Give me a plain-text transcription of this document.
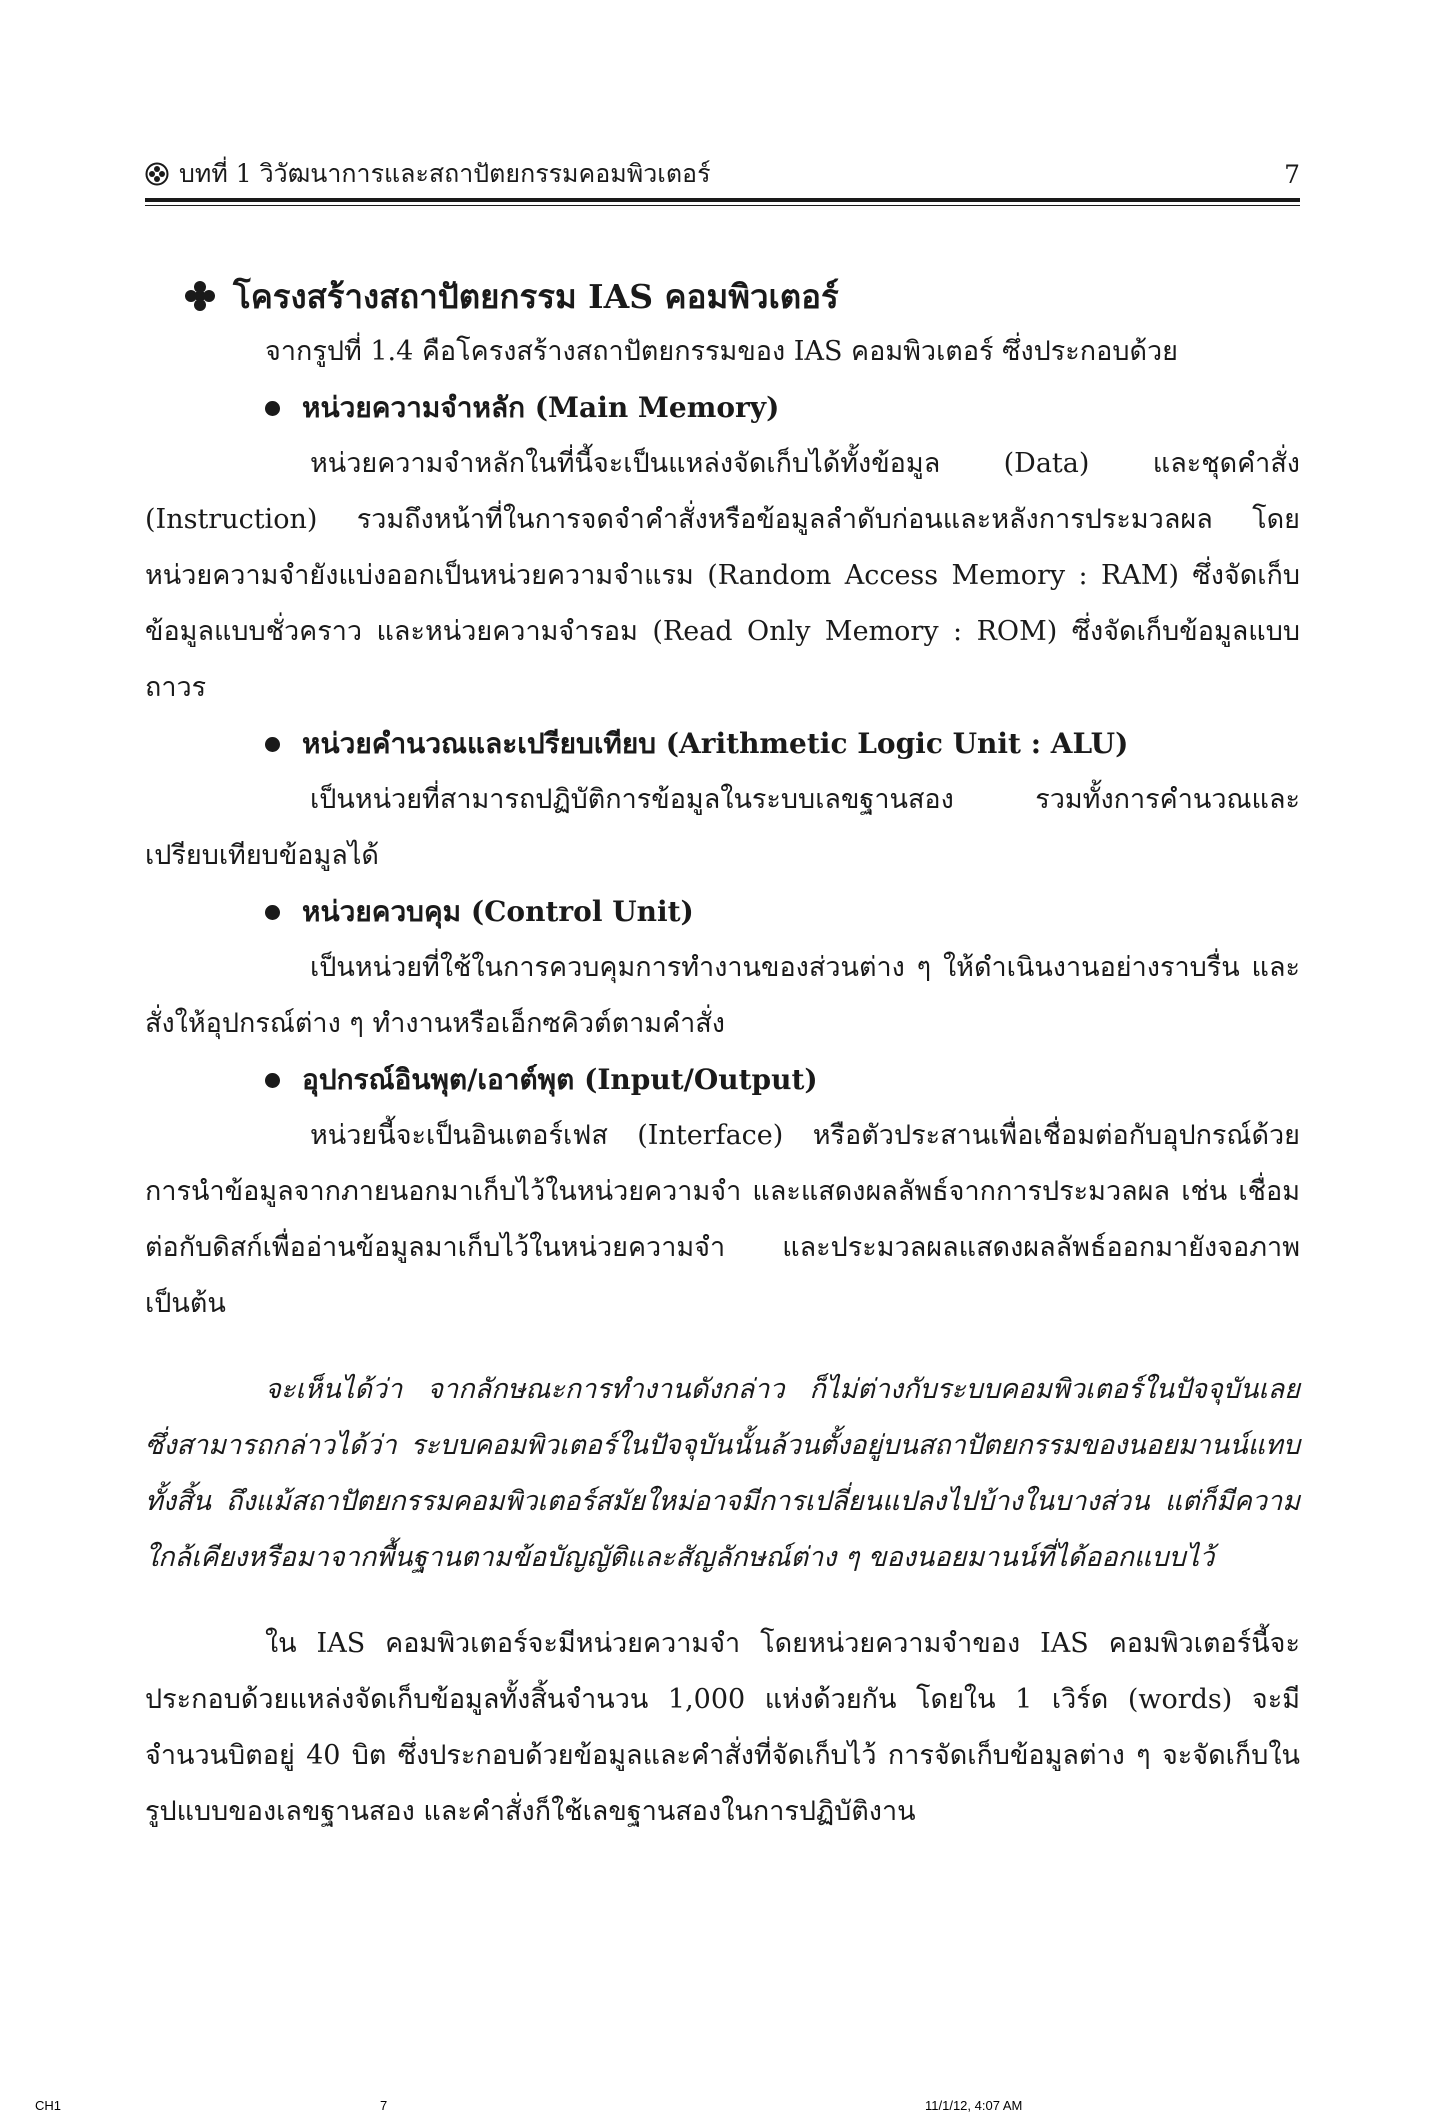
บทที่ 1 วิวัฒนาการและสถาปัตยกรรมคอมพิวเตอร์	7
โครงสร้างสถาปัตยกรรม IAS คอมพิวเตอร์

จากรูปที่ 1.4 คือโครงสร้างสถาปัตยกรรมของ IAS คอมพิวเตอร์ ซึ่งประกอบด้วย

หน่วยความจำหลัก (Main Memory)

หน่วยความจำหลักในที่นี้จะเป็นแหล่งจัดเก็บได้ทั้งข้อมูล (Data) และชุดคำสั่ง (Instruction) รวมถึงหน้าที่ในการจดจำคำสั่งหรือข้อมูลลำดับก่อนและหลังการประมวลผล โดยหน่วยความจำยังแบ่งออกเป็นหน่วยความจำแรม (Random Access Memory : RAM) ซึ่งจัดเก็บข้อมูลแบบชั่วคราว และหน่วยความจำรอม (Read Only Memory : ROM) ซึ่งจัดเก็บข้อมูลแบบถาวร

หน่วยคำนวณและเปรียบเทียบ (Arithmetic Logic Unit : ALU)

เป็นหน่วยที่สามารถปฏิบัติการข้อมูลในระบบเลขฐานสอง รวมทั้งการคำนวณและเปรียบเทียบข้อมูลได้

หน่วยควบคุม (Control Unit)

เป็นหน่วยที่ใช้ในการควบคุมการทำงานของส่วนต่าง ๆ ให้ดำเนินงานอย่างราบรื่น และสั่งให้อุปกรณ์ต่าง ๆ ทำงานหรือเอ็กซคิวต์ตามคำสั่ง

อุปกรณ์อินพุต/เอาต์พุต (Input/Output)

หน่วยนี้จะเป็นอินเตอร์เฟส (Interface) หรือตัวประสานเพื่อเชื่อมต่อกับอุปกรณ์ด้วยการนำข้อมูลจากภายนอกมาเก็บไว้ในหน่วยความจำ และแสดงผลลัพธ์จากการประมวลผล เช่น เชื่อมต่อกับดิสก์เพื่ออ่านข้อมูลมาเก็บไว้ในหน่วยความจำ และประมวลผลแสดงผลลัพธ์ออกมายังจอภาพ เป็นต้น

จะเห็นได้ว่า จากลักษณะการทำงานดังกล่าว ก็ไม่ต่างกับระบบคอมพิวเตอร์ในปัจจุบันเลย ซึ่งสามารถกล่าวได้ว่า ระบบคอมพิวเตอร์ในปัจจุบันนั้นล้วนตั้งอยู่บนสถาปัตยกรรมของนอยมานน์แทบทั้งสิ้น ถึงแม้สถาปัตยกรรมคอมพิวเตอร์สมัยใหม่อาจมีการเปลี่ยนแปลงไปบ้างในบางส่วน แต่ก็มีความใกล้เคียงหรือมาจากพื้นฐานตามข้อบัญญัติและสัญลักษณ์ต่าง ๆ ของนอยมานน์ที่ได้ออกแบบไว้

ใน IAS คอมพิวเตอร์จะมีหน่วยความจำ โดยหน่วยความจำของ IAS คอมพิวเตอร์นี้จะประกอบด้วยแหล่งจัดเก็บข้อมูลทั้งสิ้นจำนวน 1,000 แห่งด้วยกัน โดยใน 1 เวิร์ด (words) จะมีจำนวนบิตอยู่ 40 บิต ซึ่งประกอบด้วยข้อมูลและคำสั่งที่จัดเก็บไว้ การจัดเก็บข้อมูลต่าง ๆ จะจัดเก็บในรูปแบบของเลขฐานสอง และคำสั่งก็ใช้เลขฐานสองในการปฏิบัติงาน

CH1	7	11/1/12, 4:07 AM
